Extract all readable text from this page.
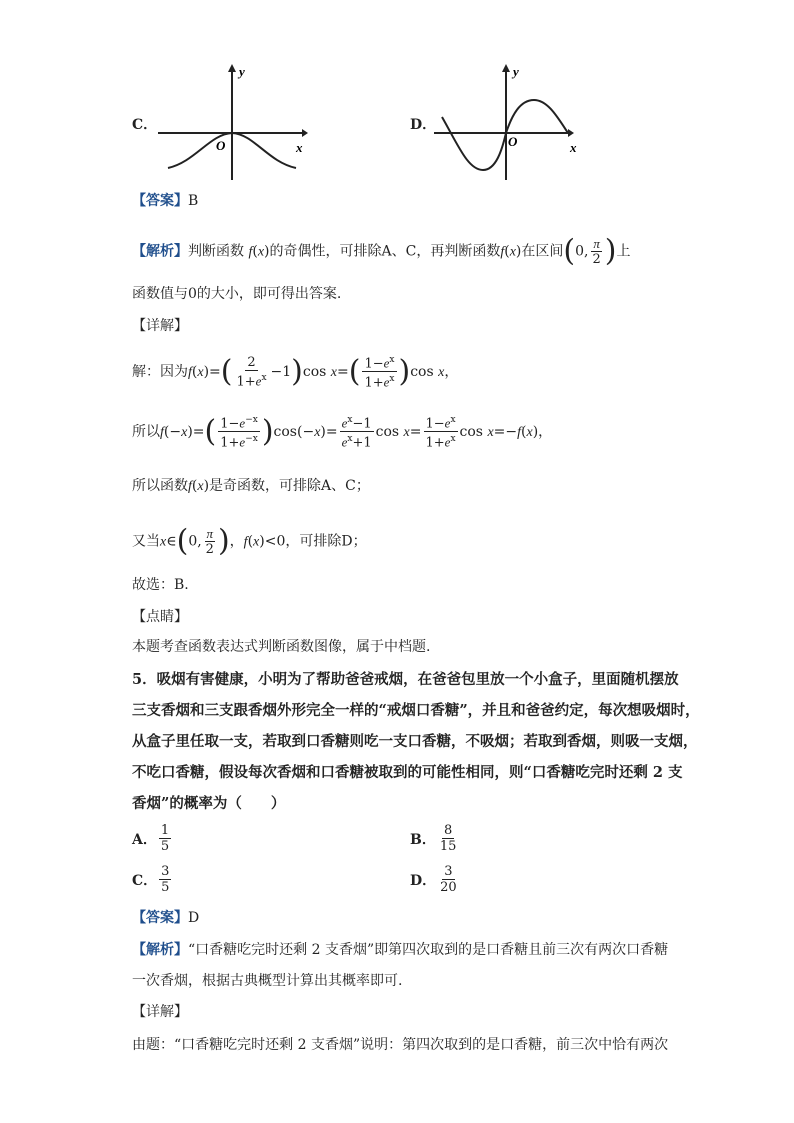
C．
y
x
O
D．
y
x
O
【答案】B
【解析】判断函数 f(x)的奇偶性，可排除A、C，再判断函数f(x)在区间(0, $\frac{\pi}{2}$ )上
函数值与0的大小，即可得出答案.
【详解】
解：因为$f(x)=( \frac{2}{1+e^x} -1)\cos$ $x=( \frac{1-e^x}{1+e^x} )\cos$ x，
所以$f(-x)=( \frac{1-e^{-x}}{1+e^{-x}} )\cos(-x)= \frac{e^x-1}{e^x+1}$ $\cos x= \frac{1-e^x}{1+e^x}$ cos x=−f(x)，
所以函数f(x)是奇函数，可排除A、C；
又当x∈(0, $\frac{\pi}{2}$ )，f(x)<0，可排除D；
故选：B.
【点睛】
本题考查函数表达式判断函数图像，属于中档题.
5．吸烟有害健康，小明为了帮助爸爸戒烟，在爸爸包里放一个小盒子，里面随机摆放
三支香烟和三支跟香烟外形完全一样的“戒烟口香糖”，并且和爸爸约定，每次想吸烟时，
从盒子里任取一支，若取到口香糖则吃一支口香糖，不吸烟；若取到香烟，则吸一支烟，
不吃口香糖，假设每次香烟和口香糖被取到的可能性相同，则“口香糖吃完时还剩 2 支
香烟”的概率为（　　）
A． $\frac{1}{5}$	B． $\frac{8}{15}$
C． $\frac{3}{5}$	D． $\frac{3}{20}$
【答案】D
【解析】“口香糖吃完时还剩 2 支香烟”即第四次取到的是口香糖且前三次有两次口香糖
一次香烟，根据古典概型计算出其概率即可.
【详解】
由题：“口香糖吃完时还剩 2 支香烟”说明：第四次取到的是口香糖，前三次中恰有两次
